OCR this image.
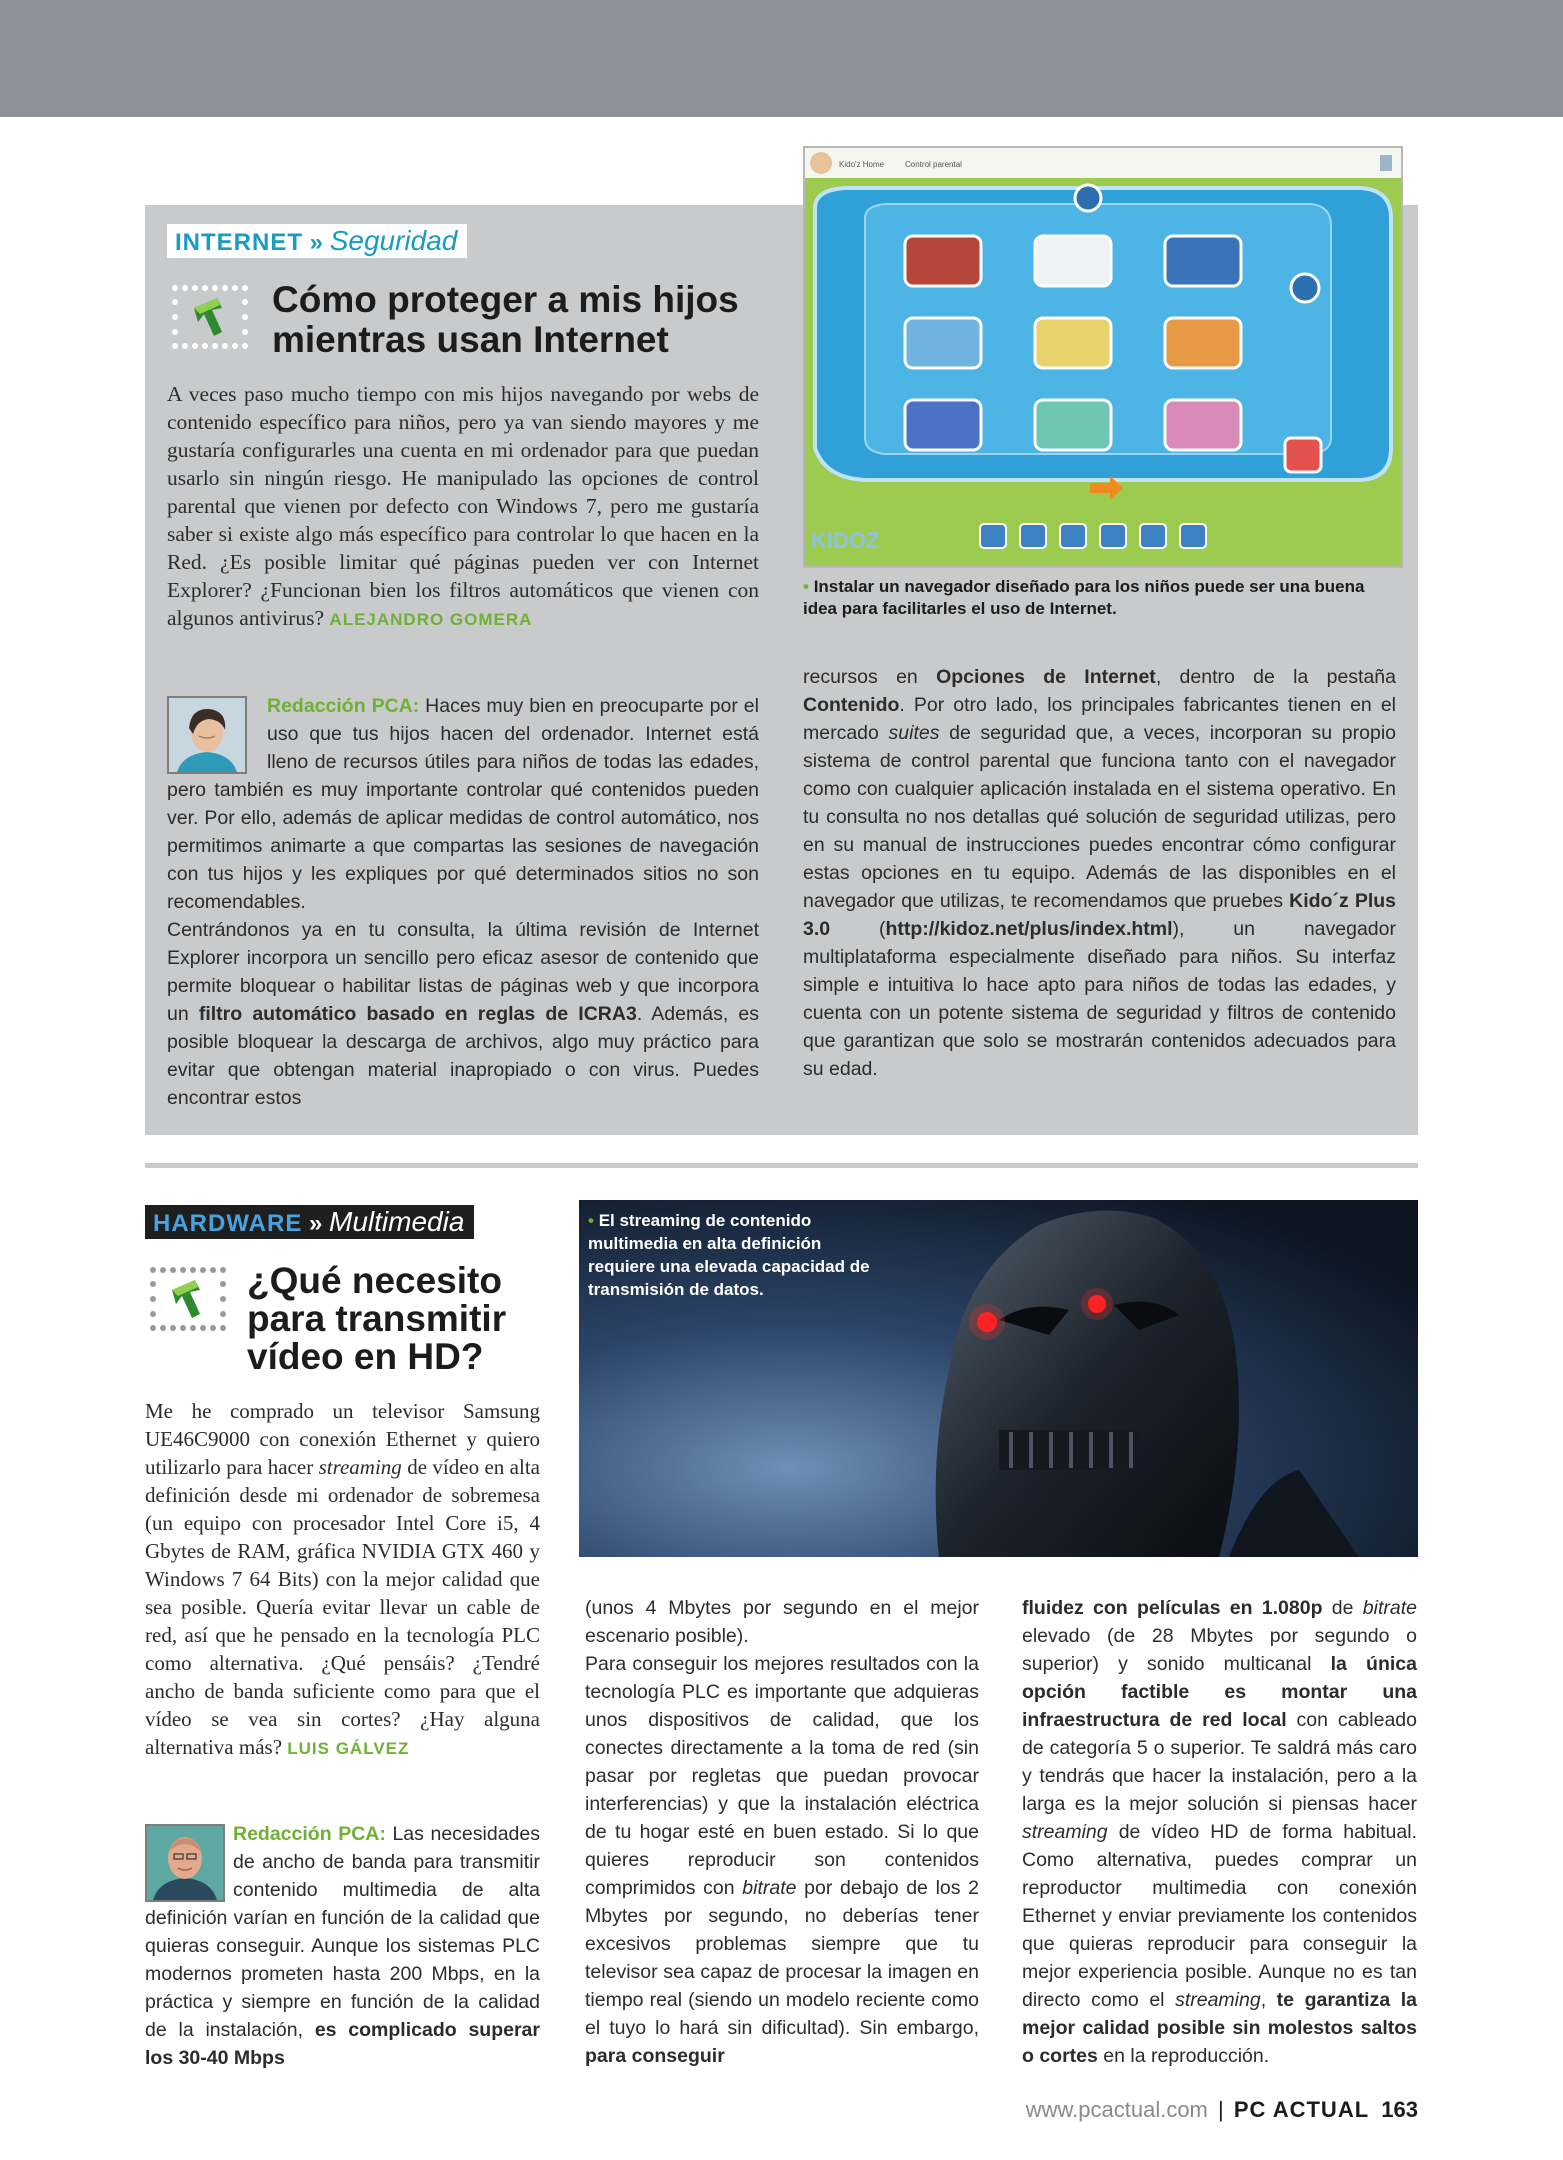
INTERNET » Seguridad
Cómo proteger a mis hijos mientras usan Internet

A veces paso mucho tiempo con mis hijos navegando por webs de contenido específico para niños, pero ya van siendo mayores y me gustaría configurarles una cuenta en mi ordenador para que puedan usarlo sin ningún riesgo. He manipulado las opciones de control parental que vienen por defecto con Windows 7, pero me gustaría saber si existe algo más específico para controlar lo que hacen en la Red. ¿Es posible limitar qué páginas pueden ver con Internet Explorer? ¿Funcionan bien los filtros automáticos que vienen con algunos antivirus? ALEJANDRO GOMERA

Redacción PCA: Haces muy bien en preocuparte por el uso que tus hijos hacen del ordenador. Internet está lleno de recursos útiles para niños de todas las edades, pero también es muy importante controlar qué contenidos pueden ver. Por ello, además de aplicar medidas de control automático, nos permitimos animarte a que compartas las sesiones de navegación con tus hijos y les expliques por qué determinados sitios no son recomendables.

Centrándonos ya en tu consulta, la última revisión de Internet Explorer incorpora un sencillo pero eficaz asesor de contenido que permite bloquear o habilitar listas de páginas web y que incorpora un filtro automático basado en reglas de ICRA3. Además, es posible bloquear la descarga de archivos, algo muy práctico para evitar que obtengan material inapropiado o con virus. Puedes encontrar estos

recursos en Opciones de Internet, dentro de la pestaña Contenido. Por otro lado, los principales fabricantes tienen en el mercado suites de seguridad que, a veces, incorporan su propio sistema de control parental que funciona tanto con el navegador como con cualquier aplicación instalada en el sistema operativo. En tu consulta no nos detallas qué solución de seguridad utilizas, pero en su manual de instrucciones puedes encontrar cómo configurar estas opciones en tu equipo. Además de las disponibles en el navegador que utilizas, te recomendamos que pruebes Kido´z Plus 3.0 (http://kidoz.net/plus/index.html), un navegador multiplataforma especialmente diseñado para niños. Su interfaz simple e intuitiva lo hace apto para niños de todas las edades, y cuenta con un potente sistema de seguridad y filtros de contenido que garantizan que solo se mostrarán contenidos adecuados para su edad.
Kido'z Home	Control parental
KIDOZ

• Instalar un navegador diseñado para los niños puede ser una buena idea para facilitarles el uso de Internet.

HARDWARE » Multimedia
¿Qué necesito para transmitir vídeo en HD?

Me he comprado un televisor Samsung UE46C9000 con conexión Ethernet y quiero utilizarlo para hacer streaming de vídeo en alta definición desde mi ordenador de sobremesa (un equipo con procesador Intel Core i5, 4 Gbytes de RAM, gráfica NVIDIA GTX 460 y Windows 7 64 Bits) con la mejor calidad que sea posible. Quería evitar llevar un cable de red, así que he pensado en la tecnología PLC como alternativa. ¿Qué pensáis? ¿Tendré ancho de banda suficiente como para que el vídeo se vea sin cortes? ¿Hay alguna alternativa más? LUIS GÁLVEZ

Redacción PCA: Las necesidades de ancho de banda para transmitir contenido multimedia de alta definición varían en función de la calidad que quieras conseguir. Aunque los sistemas PLC modernos prometen hasta 200 Mbps, en la práctica y siempre en función de la calidad de la instalación, es complicado superar los 30-40 Mbps

(unos 4 Mbytes por segundo en el mejor escenario posible).

Para conseguir los mejores resultados con la tecnología PLC es importante que adquieras unos dispositivos de calidad, que los conectes directamente a la toma de red (sin pasar por regletas que puedan provocar interferencias) y que la instalación eléctrica de tu hogar esté en buen estado. Si lo que quieres reproducir son contenidos comprimidos con bitrate por debajo de los 2 Mbytes por segundo, no deberías tener excesivos problemas siempre que tu televisor sea capaz de procesar la imagen en tiempo real (siendo un modelo reciente como el tuyo lo hará sin dificultad). Sin embargo, para conseguir

fluidez con películas en 1.080p de bitrate elevado (de 28 Mbytes por segundo o superior) y sonido multicanal la única opción factible es montar una infraestructura de red local con cableado de categoría 5 o superior. Te saldrá más caro y tendrás que hacer la instalación, pero a la larga es la mejor solución si piensas hacer streaming de vídeo HD de forma habitual. Como alternativa, puedes comprar un reproductor multimedia con conexión Ethernet y enviar previamente los contenidos que quieras reproducir para conseguir la mejor experiencia posible. Aunque no es tan directo como el streaming, te garantiza la mejor calidad posible sin molestos saltos o cortes en la reproducción.

• El streaming de contenido multimedia en alta definición requiere una elevada capacidad de transmisión de datos.

www.pcactual.com | PC ACTUAL 163
